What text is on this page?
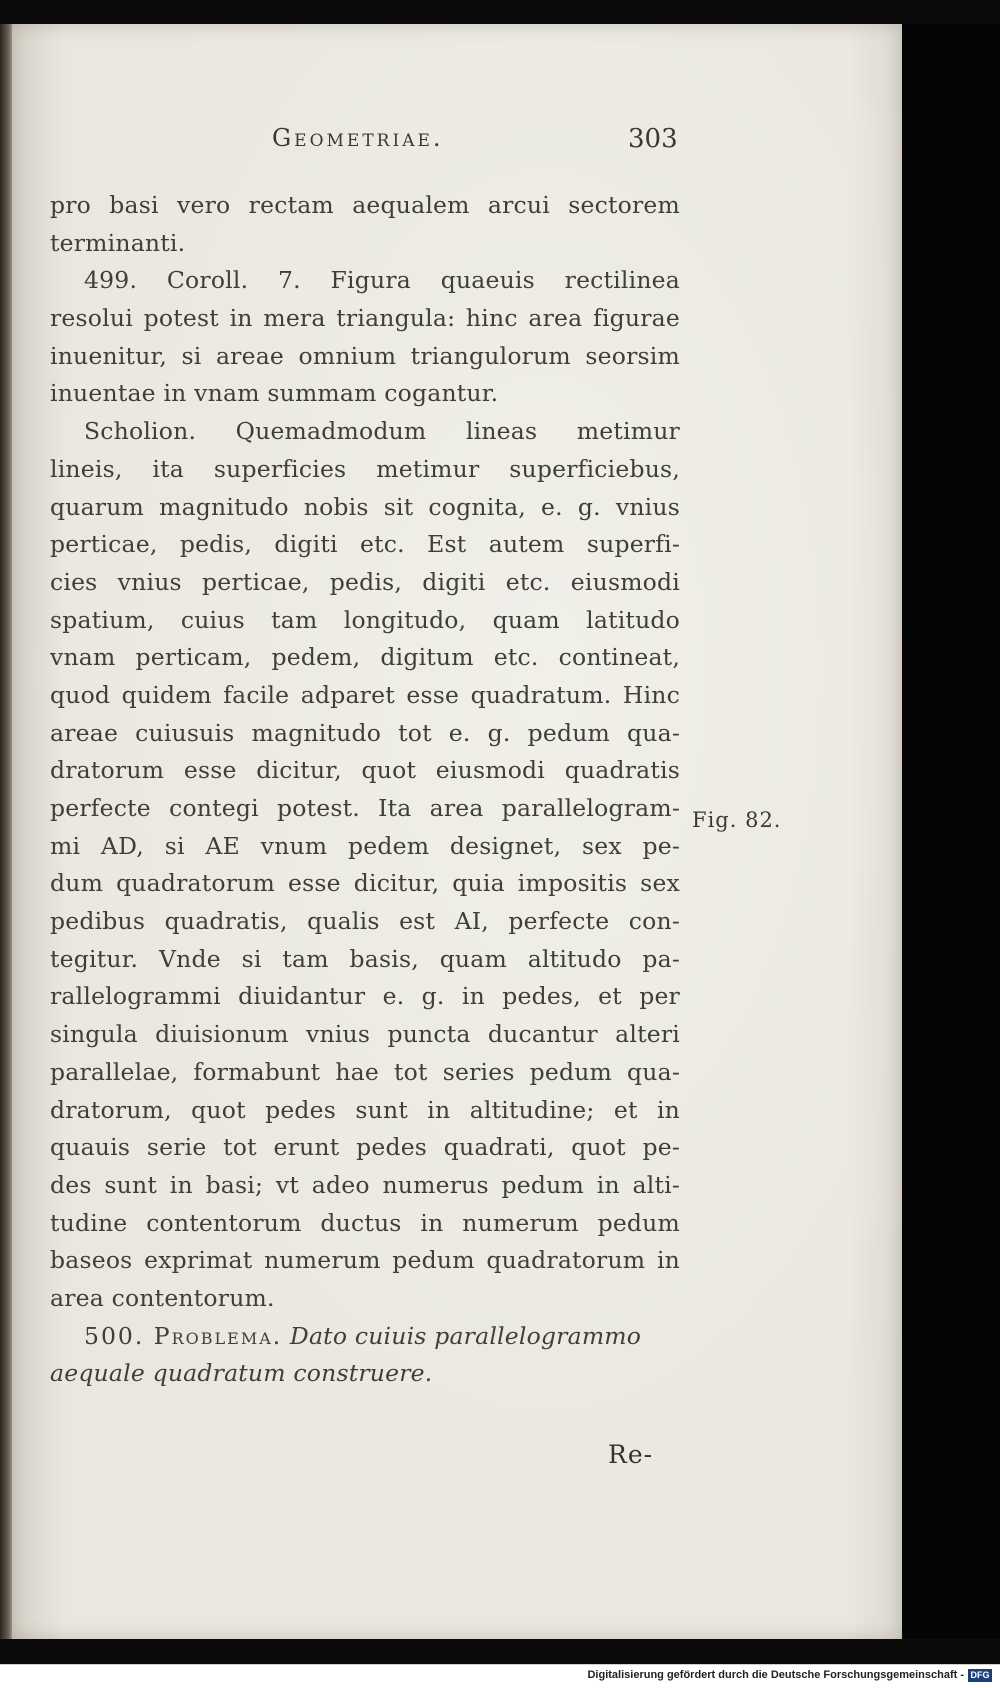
Geometriae.	303
pro basi vero rectam aequalem arcui sectorem
terminanti.
499. Coroll. 7. Figura quaeuis rectilinea
resolui potest in mera triangula: hinc area figurae
inuenitur, si areae omnium triangulorum seorsim
inuentae in vnam summam cogantur.
Scholion. Quemadmodum lineas metimur
lineis, ita superficies metimur superficiebus,
quarum magnitudo nobis sit cognita, e. g. vnius
perticae, pedis, digiti etc. Est autem superfi-
cies vnius perticae, pedis, digiti etc. eiusmodi
spatium, cuius tam longitudo, quam latitudo
vnam perticam, pedem, digitum etc. contineat,
quod quidem facile adparet esse quadratum. Hinc
areae cuiusuis magnitudo tot e. g. pedum qua-
dratorum esse dicitur, quot eiusmodi quadratis
perfecte contegi potest. Ita area parallelogram-
mi AD, si AE vnum pedem designet, sex pe-
dum quadratorum esse dicitur, quia impositis sex
pedibus quadratis, qualis est AI, perfecte con-
tegitur. Vnde si tam basis, quam altitudo pa-
rallelogrammi diuidantur e. g. in pedes, et per
singula diuisionum vnius puncta ducantur alteri
parallelae, formabunt hae tot series pedum qua-
dratorum, quot pedes sunt in altitudine; et in
quauis serie tot erunt pedes quadrati, quot pe-
des sunt in basi; vt adeo numerus pedum in alti-
tudine contentorum ductus in numerum pedum
baseos exprimat numerum pedum quadratorum in
area contentorum.
500. Problema. Dato cuiuis parallelogrammo
aequale quadratum construere.
Fig. 82.
Re-
Digitalisierung gefördert durch die Deutsche Forschungsgemeinschaft - DFG
